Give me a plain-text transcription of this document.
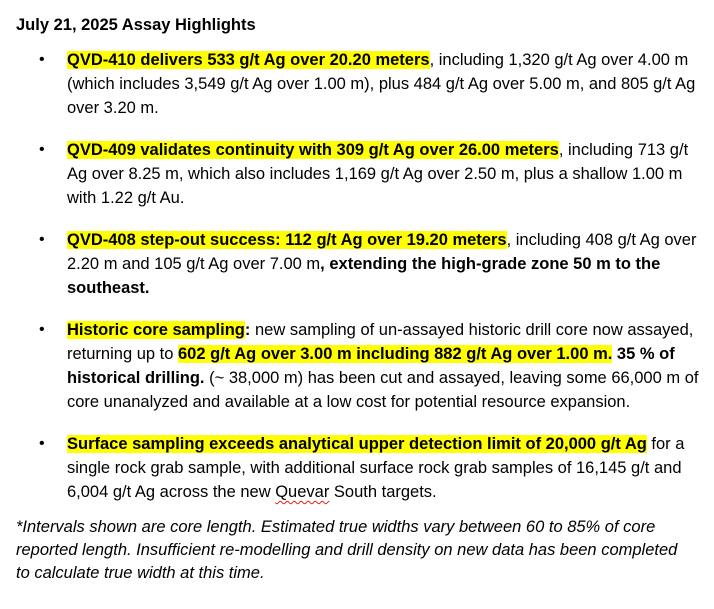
July 21, 2025 Assay Highlights
• QVD-410 delivers 533 g/t Ag over 20.20 meters, including 1,320 g/t Ag over 4.00 m (which includes 3,549 g/t Ag over 1.00 m), plus 484 g/t Ag over 5.00 m, and 805 g/t Ag over 3.20 m.
• QVD-409 validates continuity with 309 g/t Ag over 26.00 meters, including 713 g/t Ag over 8.25 m, which also includes 1,169 g/t Ag over 2.50 m, plus a shallow 1.00 m with 1.22 g/t Au.
• QVD-408 step-out success: 112 g/t Ag over 19.20 meters, including 408 g/t Ag over 2.20 m and 105 g/t Ag over 7.00 m, extending the high-grade zone 50 m to the southeast.
• Historic core sampling: new sampling of un-assayed historic drill core now assayed, returning up to 602 g/t Ag over 3.00 m including 882 g/t Ag over 1.00 m. 35 % of historical drilling. (~ 38,000 m) has been cut and assayed, leaving some 66,000 m of core unanalyzed and available at a low cost for potential resource expansion.
• Surface sampling exceeds analytical upper detection limit of 20,000 g/t Ag for a single rock grab sample, with additional surface rock grab samples of 16,145 g/t and 6,004 g/t Ag across the new Quevar South targets.
*Intervals shown are core length. Estimated true widths vary between 60 to 85% of core reported length. Insufficient re-modelling and drill density on new data has been completed to calculate true width at this time.
